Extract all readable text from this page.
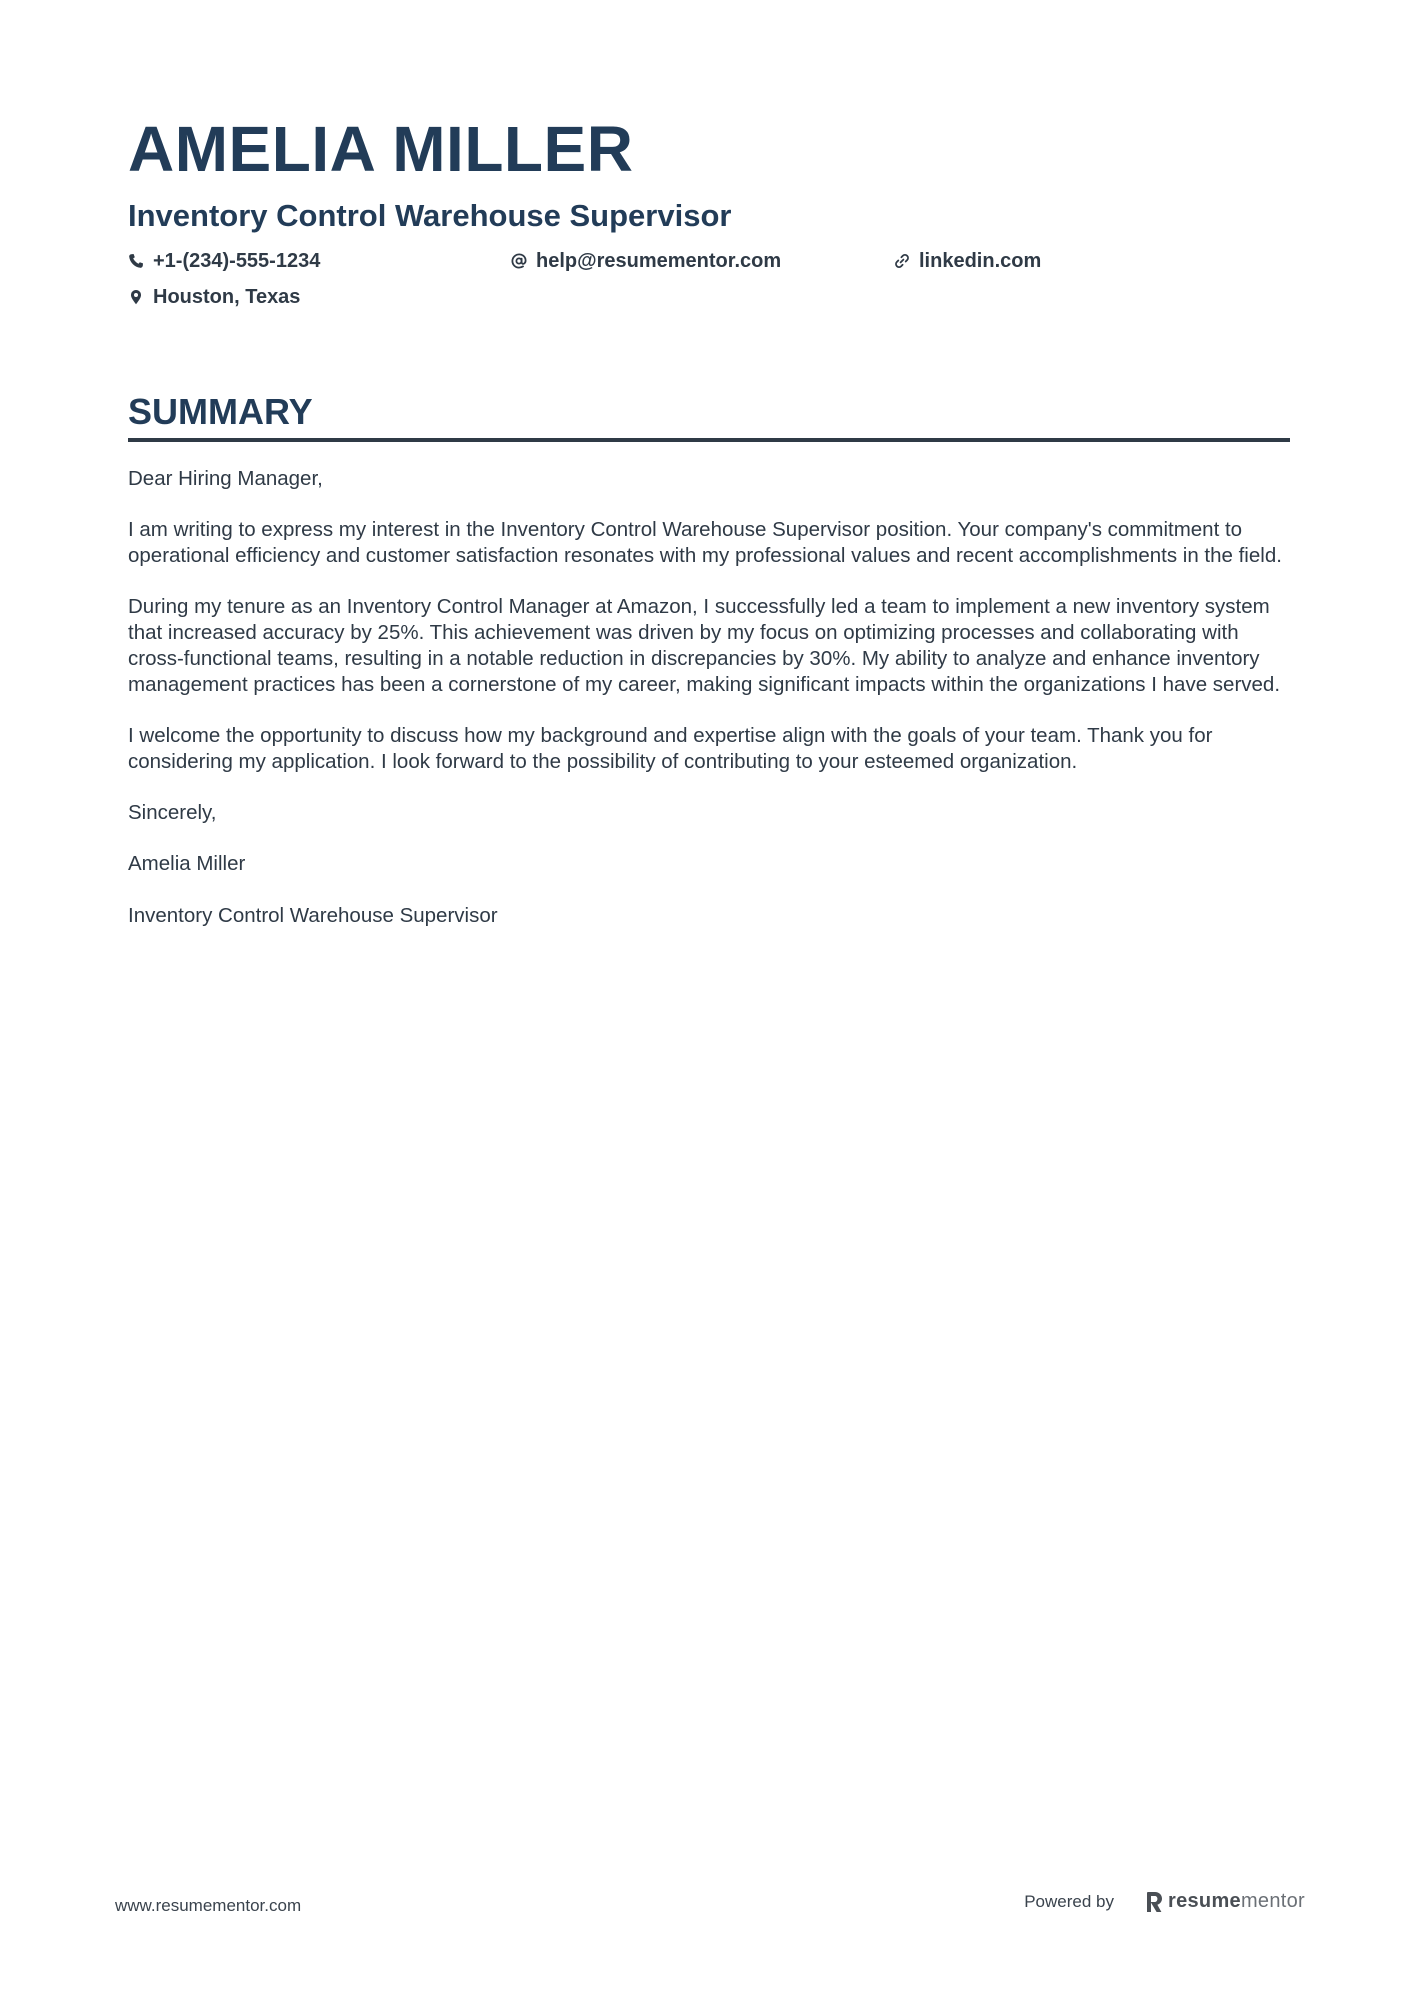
AMELIA MILLER
Inventory Control Warehouse Supervisor
+1-(234)-555-1234	help@resumementor.com	linkedin.com
Houston, Texas
SUMMARY

Dear Hiring Manager,

I am writing to express my interest in the Inventory Control Warehouse Supervisor position. Your company's commitment to operational efficiency and customer satisfaction resonates with my professional values and recent accomplishments in the field.

During my tenure as an Inventory Control Manager at Amazon, I successfully led a team to implement a new inventory system that increased accuracy by 25%. This achievement was driven by my focus on optimizing processes and collaborating with cross-functional teams, resulting in a notable reduction in discrepancies by 30%. My ability to analyze and enhance inventory management practices has been a cornerstone of my career, making significant impacts within the organizations I have served.

I welcome the opportunity to discuss how my background and expertise align with the goals of your team. Thank you for considering my application. I look forward to the possibility of contributing to your esteemed organization.

Sincerely,

Amelia Miller

Inventory Control Warehouse Supervisor

www.resumementor.com	Powered by	resume mentor
